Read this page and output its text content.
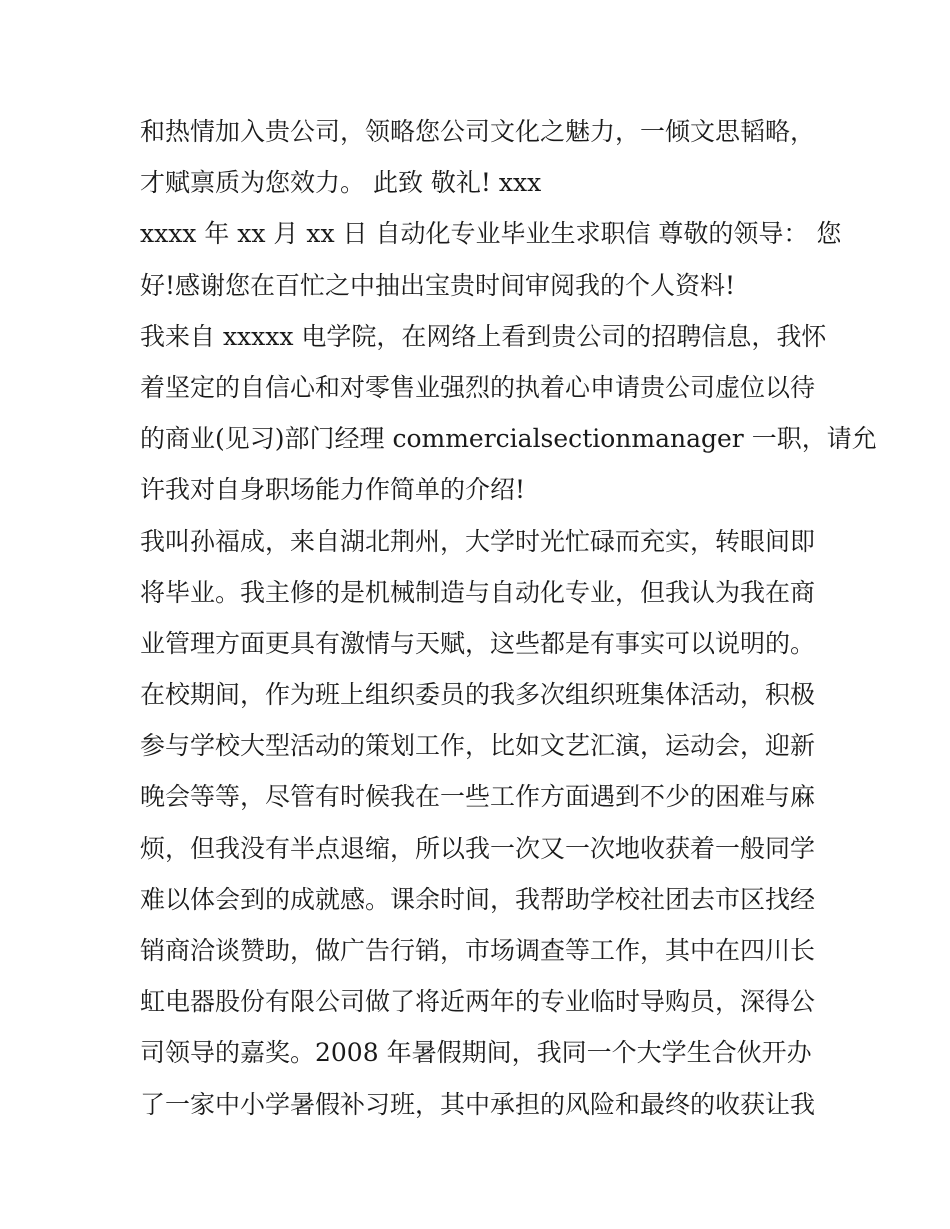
和热情加入贵公司，领略您公司文化之魅力，一倾文思韬略，
才赋禀质为您效力。 此致 敬礼! xxx
xxxx 年 xx 月 xx 日 自动化专业毕业生求职信 尊敬的领导： 您
好!感谢您在百忙之中抽出宝贵时间审阅我的个人资料!
我来自 xxxxx 电学院，在网络上看到贵公司的招聘信息，我怀
着坚定的自信心和对零售业强烈的执着心申请贵公司虚位以待
的商业(见习)部门经理 commercialsectionmanager 一职，请允
许我对自身职场能力作简单的介绍!
我叫孙福成，来自湖北荆州，大学时光忙碌而充实，转眼间即
将毕业。我主修的是机械制造与自动化专业，但我认为我在商
业管理方面更具有激情与天赋，这些都是有事实可以说明的。
在校期间，作为班上组织委员的我多次组织班集体活动，积极
参与学校大型活动的策划工作，比如文艺汇演，运动会，迎新
晚会等等，尽管有时候我在一些工作方面遇到不少的困难与麻
烦，但我没有半点退缩，所以我一次又一次地收获着一般同学
难以体会到的成就感。课余时间，我帮助学校社团去市区找经
销商洽谈赞助，做广告行销，市场调查等工作，其中在四川长
虹电器股份有限公司做了将近两年的专业临时导购员，深得公
司领导的嘉奖。2008 年暑假期间，我同一个大学生合伙开办
了一家中小学暑假补习班，其中承担的风险和最终的收获让我
